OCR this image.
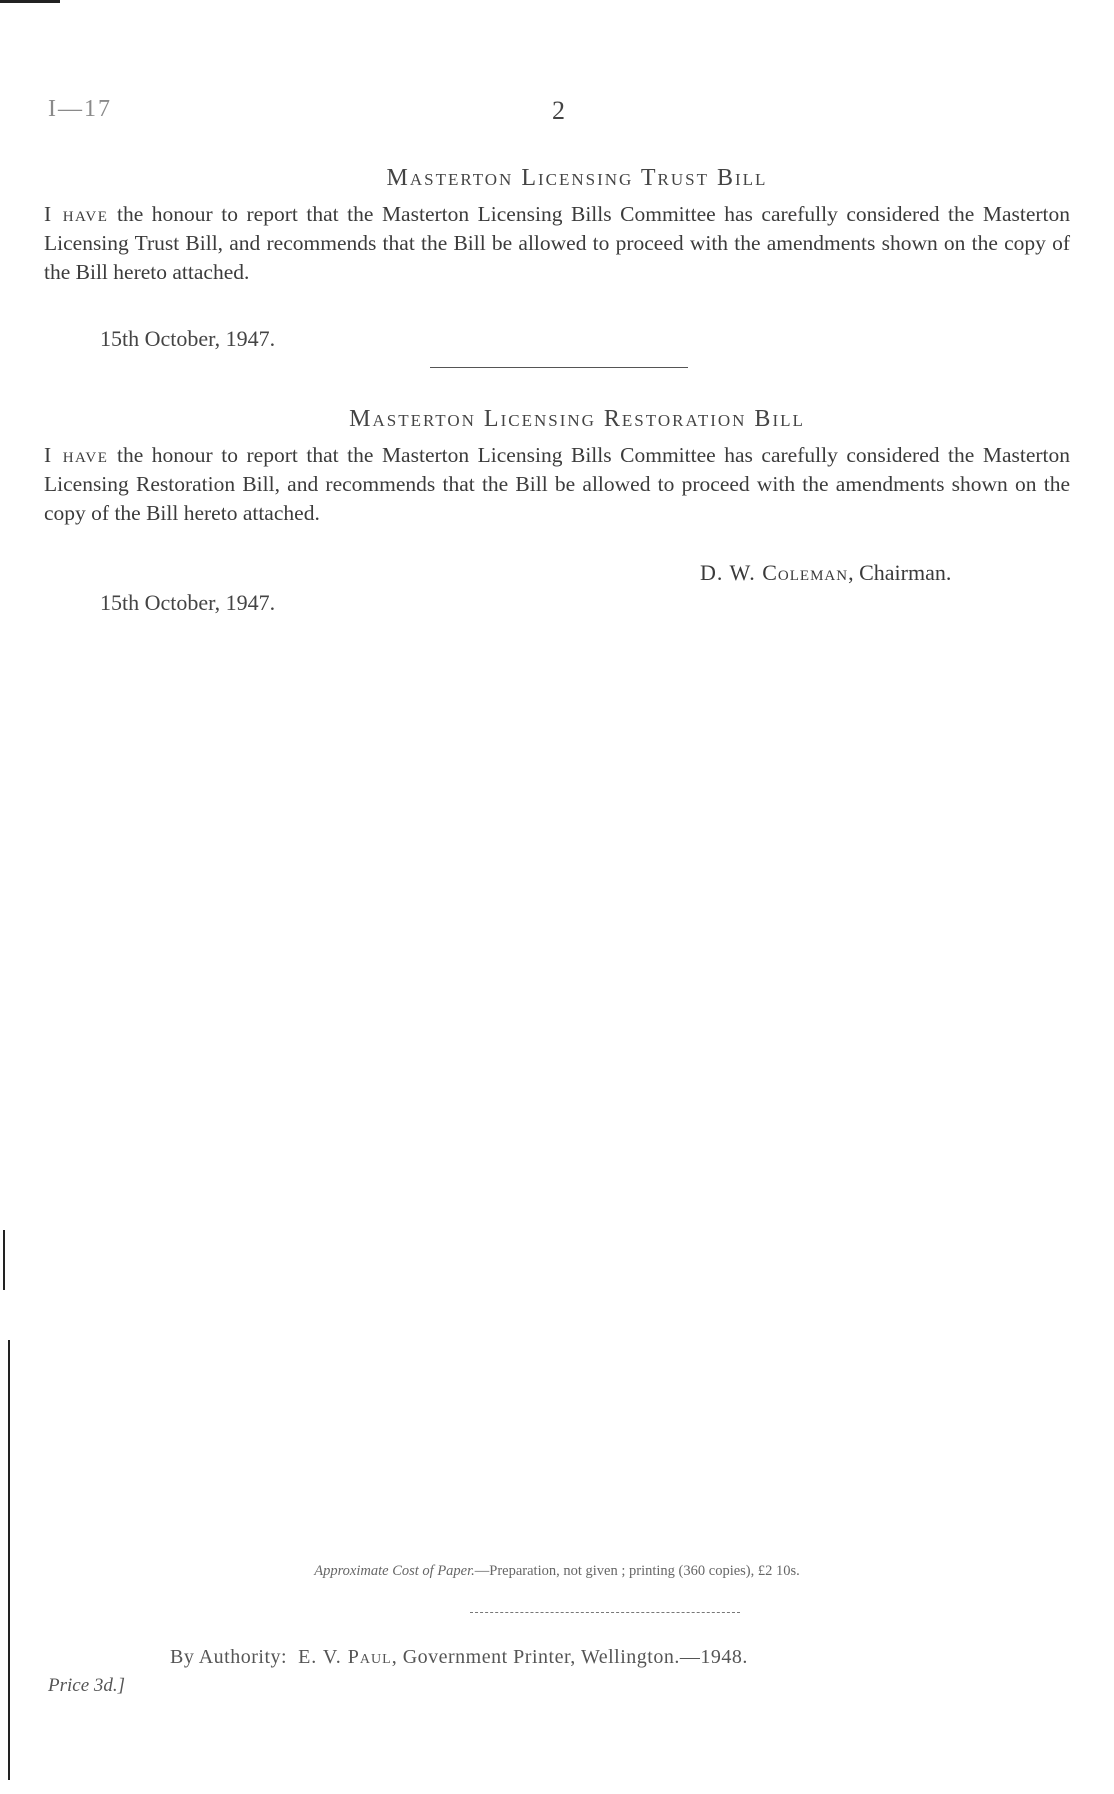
I—17	2
Masterton Licensing Trust Bill
I have the honour to report that the Masterton Licensing Bills Committee has carefully considered the Masterton Licensing Trust Bill, and recommends that the Bill be allowed to proceed with the amendments shown on the copy of the Bill hereto attached.
15th October, 1947.
Masterton Licensing Restoration Bill
I have the honour to report that the Masterton Licensing Bills Committee has carefully considered the Masterton Licensing Restoration Bill, and recommends that the Bill be allowed to proceed with the amendments shown on the copy of the Bill hereto attached.
D. W. Coleman, Chairman.
15th October, 1947.
Approximate Cost of Paper.—Preparation, not given ; printing (360 copies), £2 10s.
By Authority:  E. V. Paul, Government Printer, Wellington.—1948.
Price 3d.]
